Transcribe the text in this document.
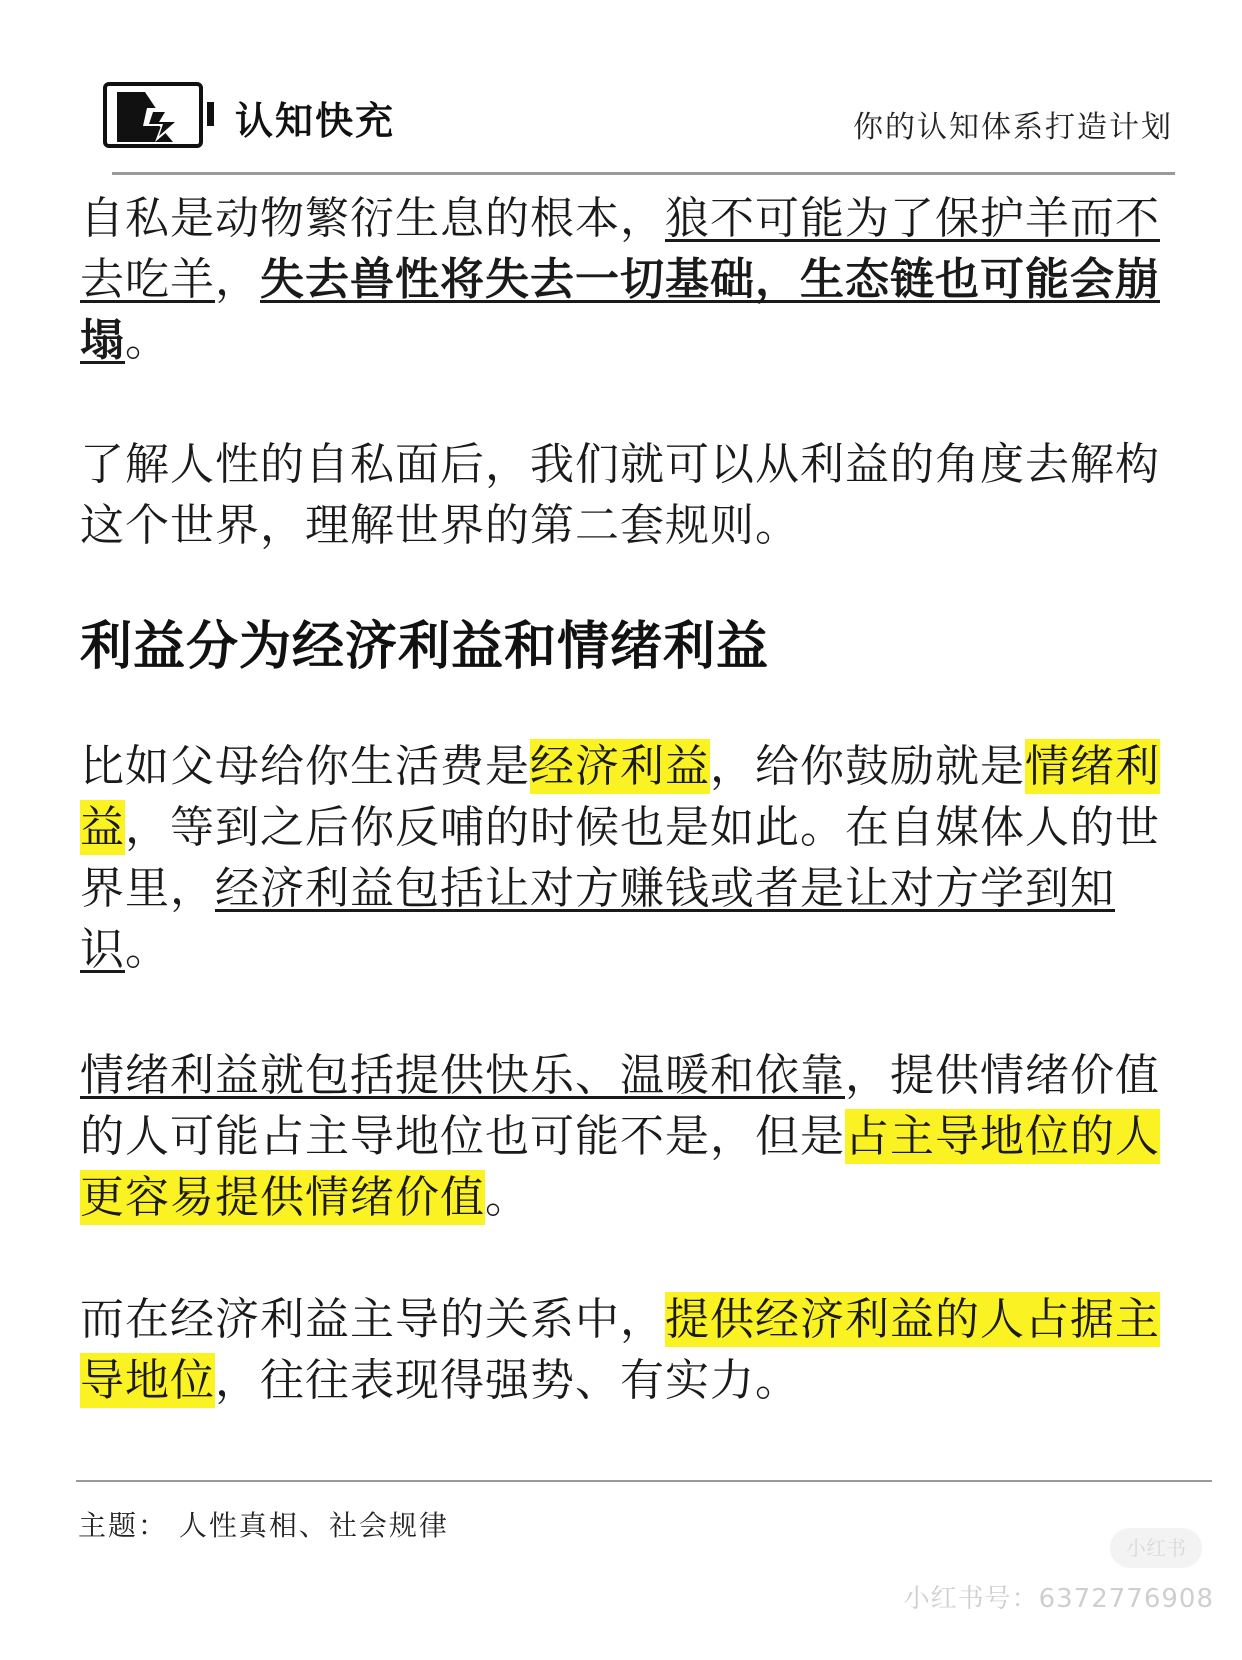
认知快充	你的认知体系打造计划

自私是动物繁衍生息的根本，狼不可能为了保护羊而不去吃羊，失去兽性将失去一切基础，生态链也可能会崩塌。

了解人性的自私面后，我们就可以从利益的角度去解构这个世界，理解世界的第二套规则。

利益分为经济利益和情绪利益

比如父母给你生活费是经济利益，给你鼓励就是情绪利益，等到之后你反哺的时候也是如此。在自媒体人的世界里，经济利益包括让对方赚钱或者是让对方学到知识。

情绪利益就包括提供快乐、温暖和依靠，提供情绪价值的人可能占主导地位也可能不是，但是占主导地位的人更容易提供情绪价值。

而在经济利益主导的关系中，提供经济利益的人占据主导地位，往往表现得强势、有实力。

主题： 人性真相、社会规律
小红书
小红书号：6372776908
